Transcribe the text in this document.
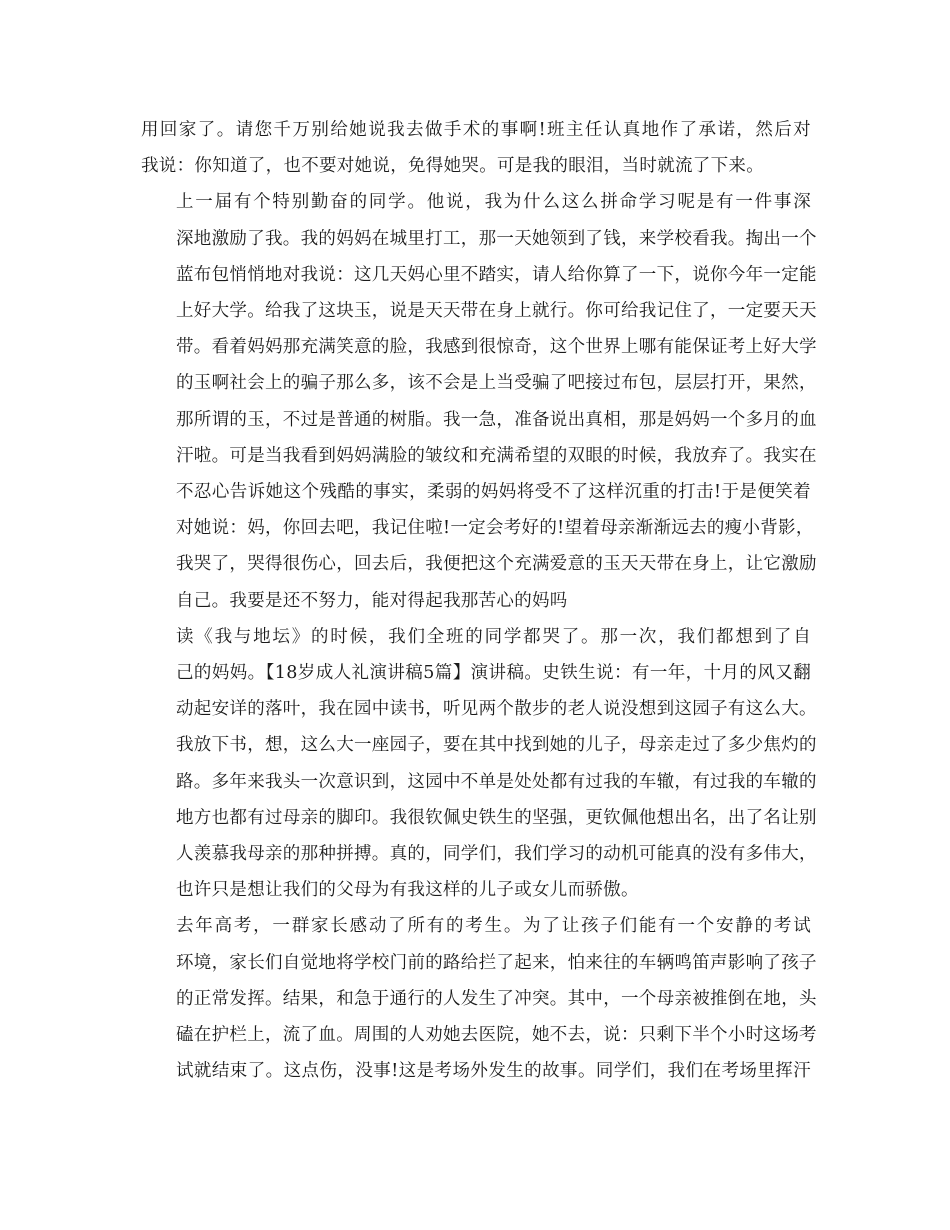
用回家了。请您千万别给她说我去做手术的事啊!班主任认真地作了承诺，然后对
我说：你知道了，也不要对她说，免得她哭。可是我的眼泪，当时就流了下来。
上一届有个特别勤奋的同学。他说，我为什么这么拼命学习呢是有一件事深
深地激励了我。我的妈妈在城里打工，那一天她领到了钱，来学校看我。掏出一个
蓝布包悄悄地对我说：这几天妈心里不踏实，请人给你算了一下，说你今年一定能
上好大学。给我了这块玉，说是天天带在身上就行。你可给我记住了，一定要天天
带。看着妈妈那充满笑意的脸，我感到很惊奇，这个世界上哪有能保证考上好大学
的玉啊社会上的骗子那么多，该不会是上当受骗了吧接过布包，层层打开，果然，
那所谓的玉，不过是普通的树脂。我一急，准备说出真相，那是妈妈一个多月的血
汗啦。可是当我看到妈妈满脸的皱纹和充满希望的双眼的时候，我放弃了。我实在
不忍心告诉她这个残酷的事实，柔弱的妈妈将受不了这样沉重的打击!于是便笑着
对她说：妈，你回去吧，我记住啦!一定会考好的!望着母亲渐渐远去的瘦小背影，
我哭了，哭得很伤心，回去后，我便把这个充满爱意的玉天天带在身上，让它激励
自己。我要是还不努力，能对得起我那苦心的妈吗
读《我与地坛》的时候，我们全班的同学都哭了。那一次，我们都想到了自
己的妈妈。【18岁成人礼演讲稿5篇】演讲稿。史铁生说：有一年，十月的风又翻
动起安详的落叶，我在园中读书，听见两个散步的老人说没想到这园子有这么大。
我放下书，想，这么大一座园子，要在其中找到她的儿子，母亲走过了多少焦灼的
路。多年来我头一次意识到，这园中不单是处处都有过我的车辙，有过我的车辙的
地方也都有过母亲的脚印。我很钦佩史铁生的坚强，更钦佩他想出名，出了名让别
人羡慕我母亲的那种拼搏。真的，同学们，我们学习的动机可能真的没有多伟大，
也许只是想让我们的父母为有我这样的儿子或女儿而骄傲。
去年高考，一群家长感动了所有的考生。为了让孩子们能有一个安静的考试
环境，家长们自觉地将学校门前的路给拦了起来，怕来往的车辆鸣笛声影响了孩子
的正常发挥。结果，和急于通行的人发生了冲突。其中，一个母亲被推倒在地，头
磕在护栏上，流了血。周围的人劝她去医院，她不去，说：只剩下半个小时这场考
试就结束了。这点伤，没事!这是考场外发生的故事。同学们，我们在考场里挥汗
